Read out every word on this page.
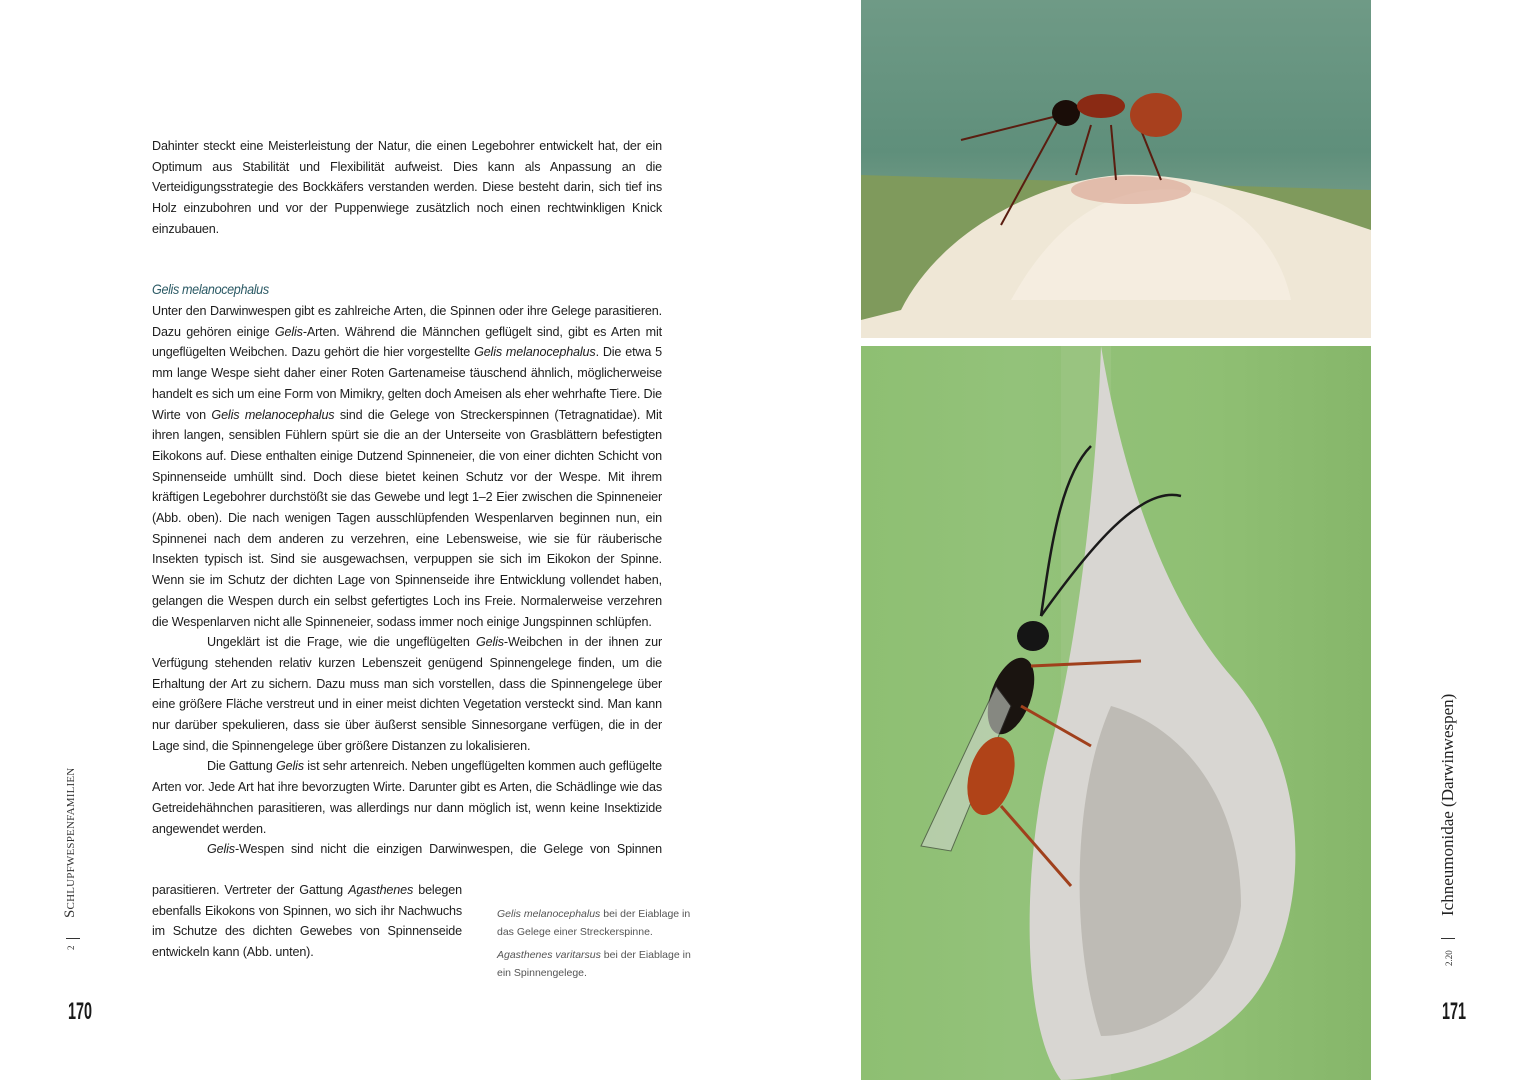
Dahinter steckt eine Meisterleistung der Natur, die einen Legebohrer entwickelt hat, der ein Optimum aus Stabilität und Flexibilität aufweist. Dies kann als Anpassung an die Verteidigungsstrategie des Bockkäfers verstanden werden. Diese besteht darin, sich tief ins Holz einzubohren und vor der Puppenwiege zusätzlich noch einen rechtwinkligen Knick einzubauen.

Gelis melanocephalus

Unter den Darwinwespen gibt es zahlreiche Arten, die Spinnen oder ihre Gelege parasitieren. Dazu gehören einige Gelis-Arten. Während die Männchen geflügelt sind, gibt es Arten mit ungeflügelten Weibchen. Dazu gehört die hier vorgestellte Gelis melanocephalus. Die etwa 5 mm lange Wespe sieht daher einer Roten Gartenameise täuschend ähnlich, möglicherweise handelt es sich um eine Form von Mimikry, gelten doch Ameisen als eher wehrhafte Tiere. Die Wirte von Gelis melanocephalus sind die Gelege von Streckerspinnen (Tetragnatidae). Mit ihren langen, sensiblen Fühlern spürt sie die an der Unterseite von Grasblättern befestigten Eikokons auf. Diese enthalten einige Dutzend Spinneneier, die von einer dichten Schicht von Spinnenseide umhüllt sind. Doch diese bietet keinen Schutz vor der Wespe. Mit ihrem kräftigen Legebohrer durchstößt sie das Gewebe und legt 1–2 Eier zwischen die Spinneneier (Abb. oben). Die nach wenigen Tagen ausschlüpfenden Wespenlarven beginnen nun, ein Spinnenei nach dem anderen zu verzehren, eine Lebensweise, wie sie für räuberische Insekten typisch ist. Sind sie ausgewachsen, verpuppen sie sich im Eikokon der Spinne. Wenn sie im Schutz der dichten Lage von Spinnenseide ihre Entwicklung vollendet haben, gelangen die Wespen durch ein selbst gefertigtes Loch ins Freie. Normalerweise verzehren die Wespenlarven nicht alle Spinneneier, sodass immer noch einige Jungspinnen schlüpfen.

Ungeklärt ist die Frage, wie die ungeflügelten Gelis-Weibchen in der ihnen zur Verfügung stehenden relativ kurzen Lebenszeit genügend Spinnengelege finden, um die Erhaltung der Art zu sichern. Dazu muss man sich vorstellen, dass die Spinnengelege über eine größere Fläche verstreut und in einer meist dichten Vegetation versteckt sind. Man kann nur darüber spekulieren, dass sie über äußerst sensible Sinnesorgane verfügen, die in der Lage sind, die Spinnengelege über größere Distanzen zu lokalisieren.

Die Gattung Gelis ist sehr artenreich. Neben ungeflügelten kommen auch geflügelte Arten vor. Jede Art hat ihre bevorzugten Wirte. Darunter gibt es Arten, die Schädlinge wie das Getreidehähnchen parasitieren, was allerdings nur dann möglich ist, wenn keine Insektizide angewendet werden.

Gelis-Wespen sind nicht die einzigen Darwinwespen, die Gelege von Spinnen

parasitieren. Vertreter der Gattung Agasthenes belegen ebenfalls Eikokons von Spinnen, wo sich ihr Nachwuchs im Schutze des dichten Gewebes von Spinnenseide entwickeln kann (Abb. unten).

Gelis melanocephalus bei der Eiablage in das Gelege einer Streckerspinne.

Agasthenes varitarsus bei der Eiablage in ein Spinnengelege.

Schlupfwespenfamilien
2
170
Ichneumonidae (Darwinwespen)
2.20
171
